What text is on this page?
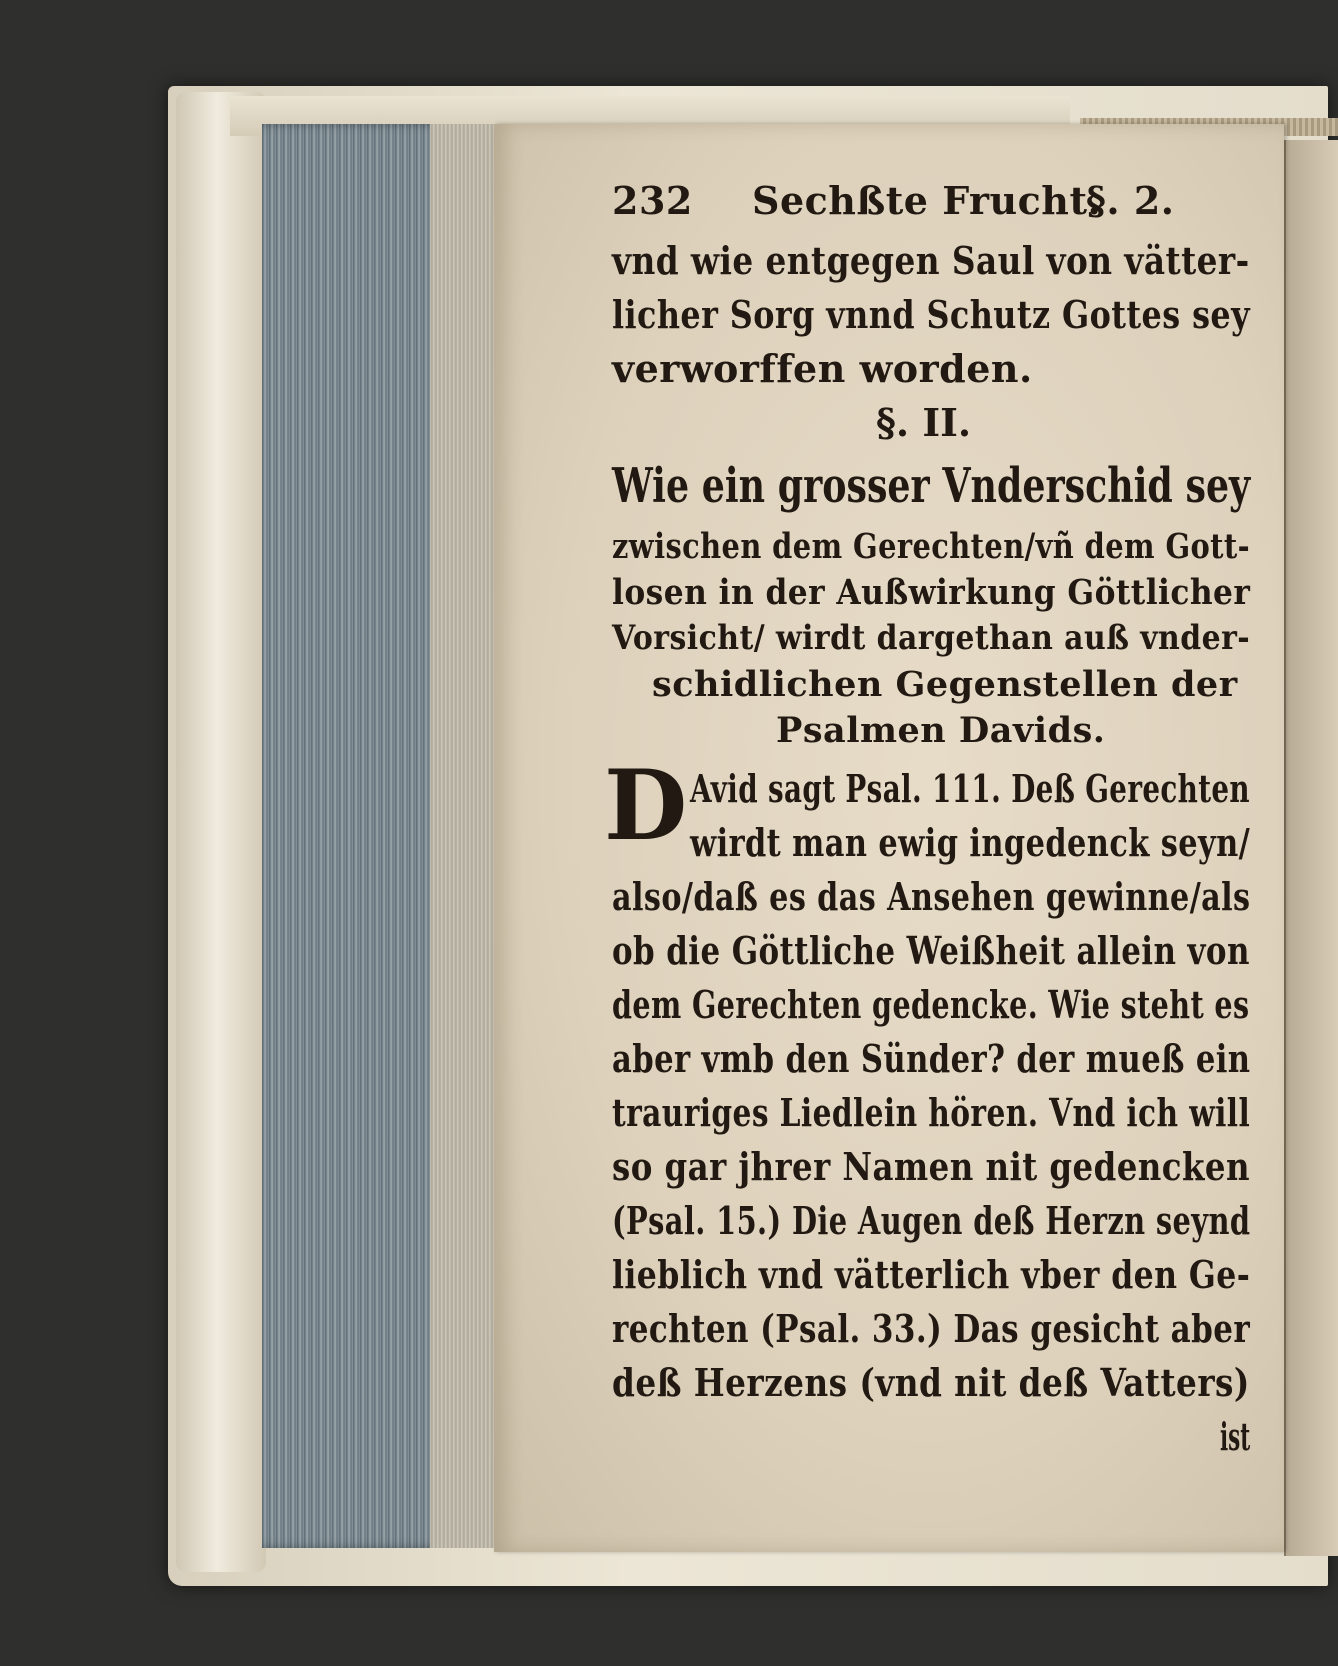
232 Sechßte Frucht.
§. 2.
vnd wie entgegen Saul von vätter-
licher Sorg vnnd Schutz Gottes sey
verworffen worden.
§. II.
Wie ein grosser Vnderschid sey
zwischen dem Gerechten/vñ dem Gott-
losen in der Außwirkung Göttlicher
Vorsicht/ wirdt dargethan auß vnder-
schidlichen Gegenstellen der
Psalmen Davids.
D Avid sagt Psal. 111. Deß Gerechten
wirdt man ewig ingedenck seyn/
also/daß es das Ansehen gewinne/als
ob die Göttliche Weißheit allein von
dem Gerechten gedencke. Wie steht es
aber vmb den Sünder? der mueß ein
trauriges Liedlein hören. Vnd ich will
so gar jhrer Namen nit gedencken
(Psal. 15.) Die Augen deß Herzn seynd
lieblich vnd vätterlich vber den Ge-
rechten (Psal. 33.) Das gesicht aber
deß Herzens (vnd nit deß Vatters)
ist
